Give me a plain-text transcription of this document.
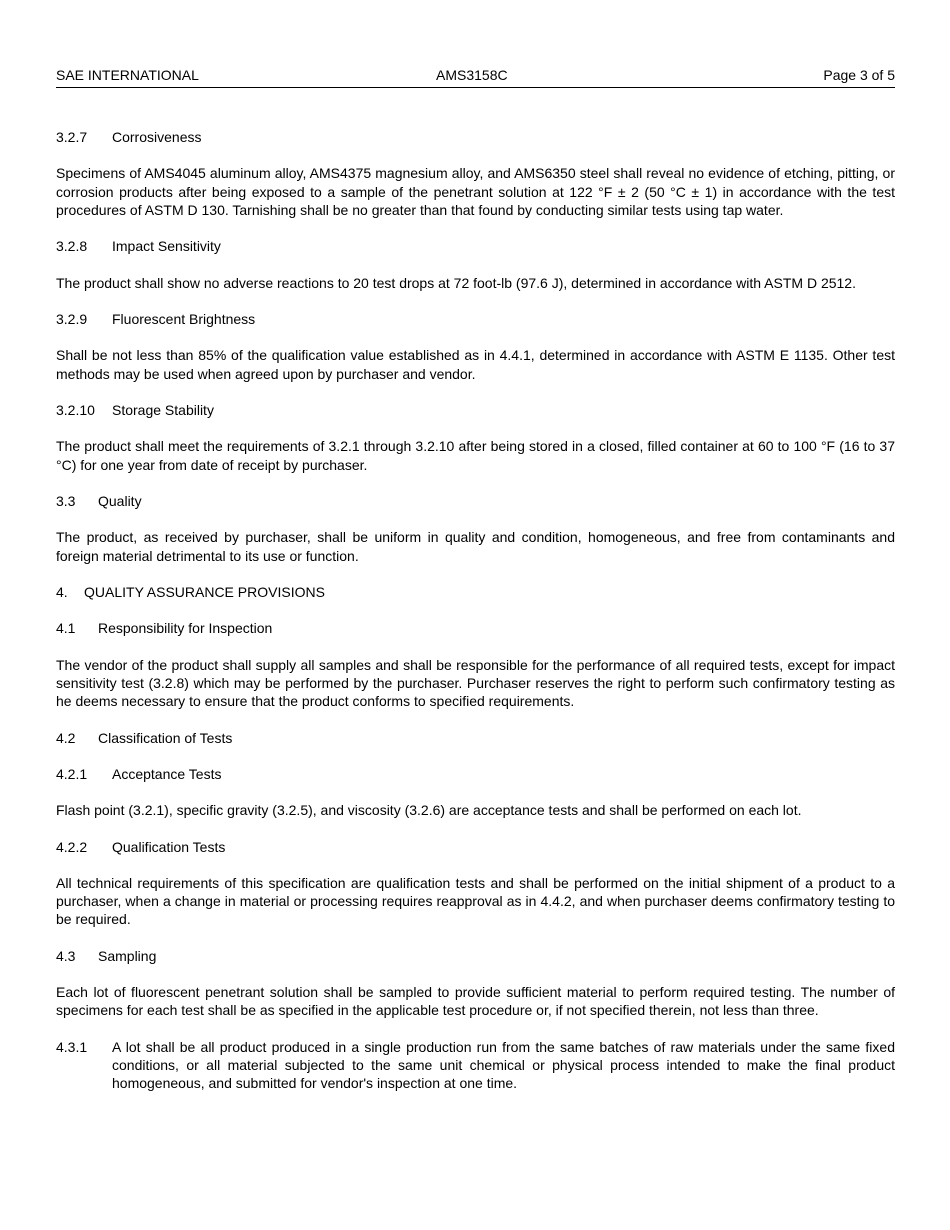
SAE INTERNATIONAL	AMS3158C	Page 3 of 5
3.2.7 Corrosiveness

Specimens of AMS4045 aluminum alloy, AMS4375 magnesium alloy, and AMS6350 steel shall reveal no evidence of etching, pitting, or corrosion products after being exposed to a sample of the penetrant solution at 122 °F ± 2 (50 °C ± 1) in accordance with the test procedures of ASTM D 130. Tarnishing shall be no greater than that found by conducting similar tests using tap water.

3.2.8 Impact Sensitivity

The product shall show no adverse reactions to 20 test drops at 72 foot-lb (97.6 J), determined in accordance with ASTM D 2512.

3.2.9 Fluorescent Brightness

Shall be not less than 85% of the qualification value established as in 4.4.1, determined in accordance with ASTM E 1135. Other test methods may be used when agreed upon by purchaser and vendor.

3.2.10 Storage Stability

The product shall meet the requirements of 3.2.1 through 3.2.10 after being stored in a closed, filled container at 60 to 100 °F (16 to 37 °C) for one year from date of receipt by purchaser.

3.3 Quality

The product, as received by purchaser, shall be uniform in quality and condition, homogeneous, and free from contaminants and foreign material detrimental to its use or function.

4. QUALITY ASSURANCE PROVISIONS
4.1 Responsibility for Inspection

The vendor of the product shall supply all samples and shall be responsible for the performance of all required tests, except for impact sensitivity test (3.2.8) which may be performed by the purchaser. Purchaser reserves the right to perform such confirmatory testing as he deems necessary to ensure that the product conforms to specified requirements.

4.2 Classification of Tests
4.2.1 Acceptance Tests

Flash point (3.2.1), specific gravity (3.2.5), and viscosity (3.2.6) are acceptance tests and shall be performed on each lot.

4.2.2 Qualification Tests

All technical requirements of this specification are qualification tests and shall be performed on the initial shipment of a product to a purchaser, when a change in material or processing requires reapproval as in 4.4.2, and when purchaser deems confirmatory testing to be required.

4.3 Sampling

Each lot of fluorescent penetrant solution shall be sampled to provide sufficient material to perform required testing. The number of specimens for each test shall be as specified in the applicable test procedure or, if not specified therein, not less than three.

4.3.1 A lot shall be all product produced in a single production run from the same batches of raw materials under the same fixed conditions, or all material subjected to the same unit chemical or physical process intended to make the final product homogeneous, and submitted for vendor's inspection at one time.
